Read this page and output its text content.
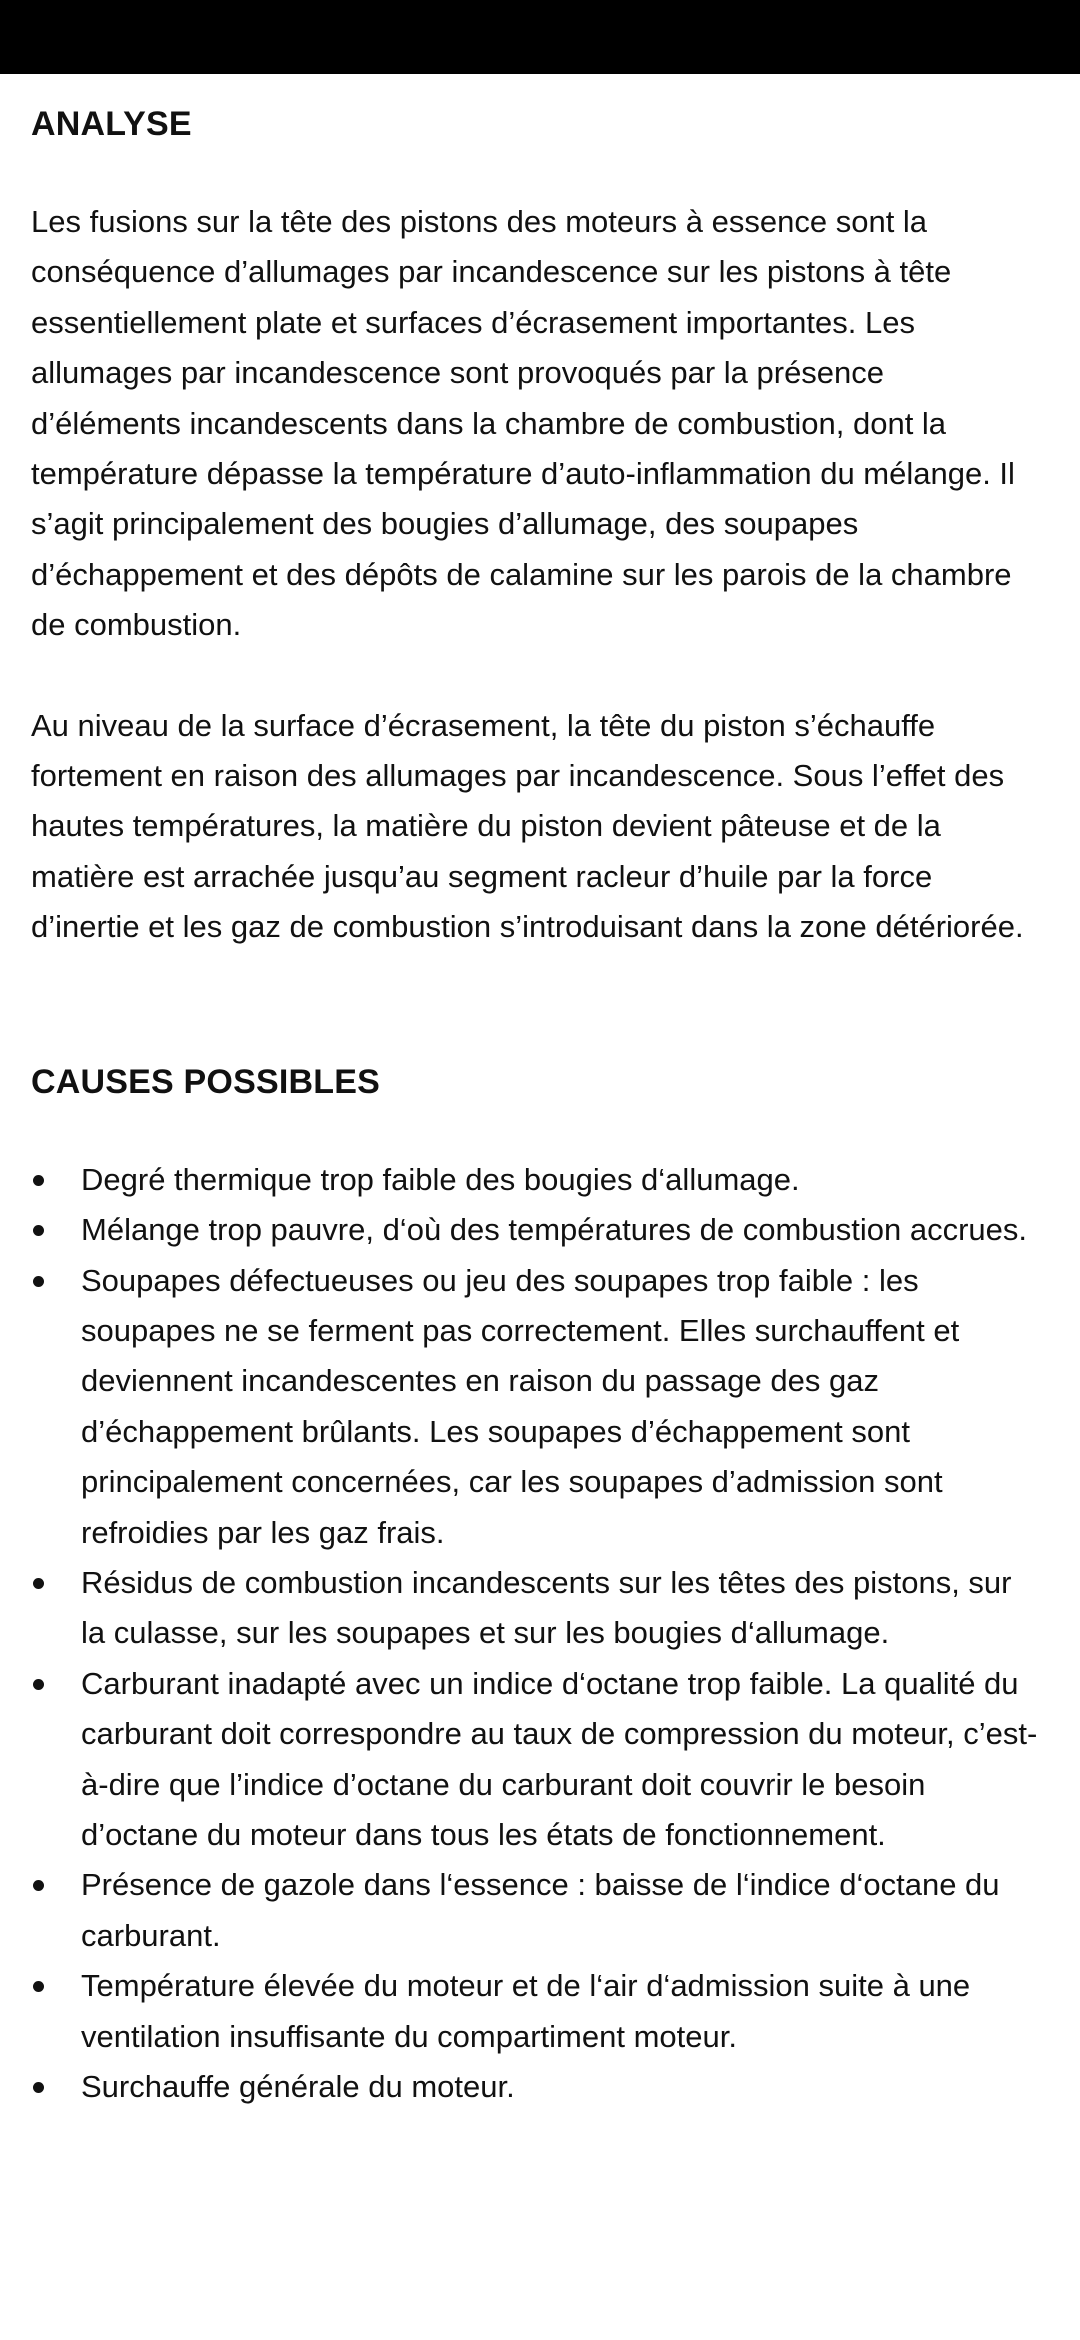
ANALYSE

Les fusions sur la tête des pistons des moteurs à essence sont la conséquence d’allumages par incandescence sur les pistons à tête essentiellement plate et surfaces d’écrasement importantes. Les allumages par incandescence sont provoqués par la présence d’éléments incandescents dans la chambre de combustion, dont la température dépasse la température d’auto-inflammation du mélange. Il s’agit principalement des bougies d’allumage, des soupapes d’échappement et des dépôts de calamine sur les parois de la chambre de combustion.

Au niveau de la surface d’écrasement, la tête du piston s’échauffe fortement en raison des allumages par incandescence. Sous l’effet des hautes températures, la matière du piston devient pâteuse et de la matière est arrachée jusqu’au segment racleur d’huile par la force d’inertie et les gaz de combustion s’introduisant dans la zone détériorée.

CAUSES POSSIBLES
Degré thermique trop faible des bougies d‘allumage.
Mélange trop pauvre, d‘où des températures de combustion accrues.
Soupapes défectueuses ou jeu des soupapes trop faible : les soupapes ne se ferment pas correctement. Elles surchauffent et deviennent incandescentes en raison du passage des gaz d’échappement brûlants. Les soupapes d’échappement sont principalement concernées, car les soupapes d’admission sont refroidies par les gaz frais.
Résidus de combustion incandescents sur les têtes des pistons, sur la culasse, sur les soupapes et sur les bougies d‘allumage.
Carburant inadapté avec un indice d‘octane trop faible. La qualité du carburant doit correspondre au taux de compression du moteur, c’est-à-dire que l’indice d’octane du carburant doit couvrir le besoin d’octane du moteur dans tous les états de fonctionnement.
Présence de gazole dans l‘essence : baisse de l‘indice d‘octane du carburant.
Température élevée du moteur et de l‘air d‘admission suite à une ventilation insuffisante du compartiment moteur.
Surchauffe générale du moteur.
